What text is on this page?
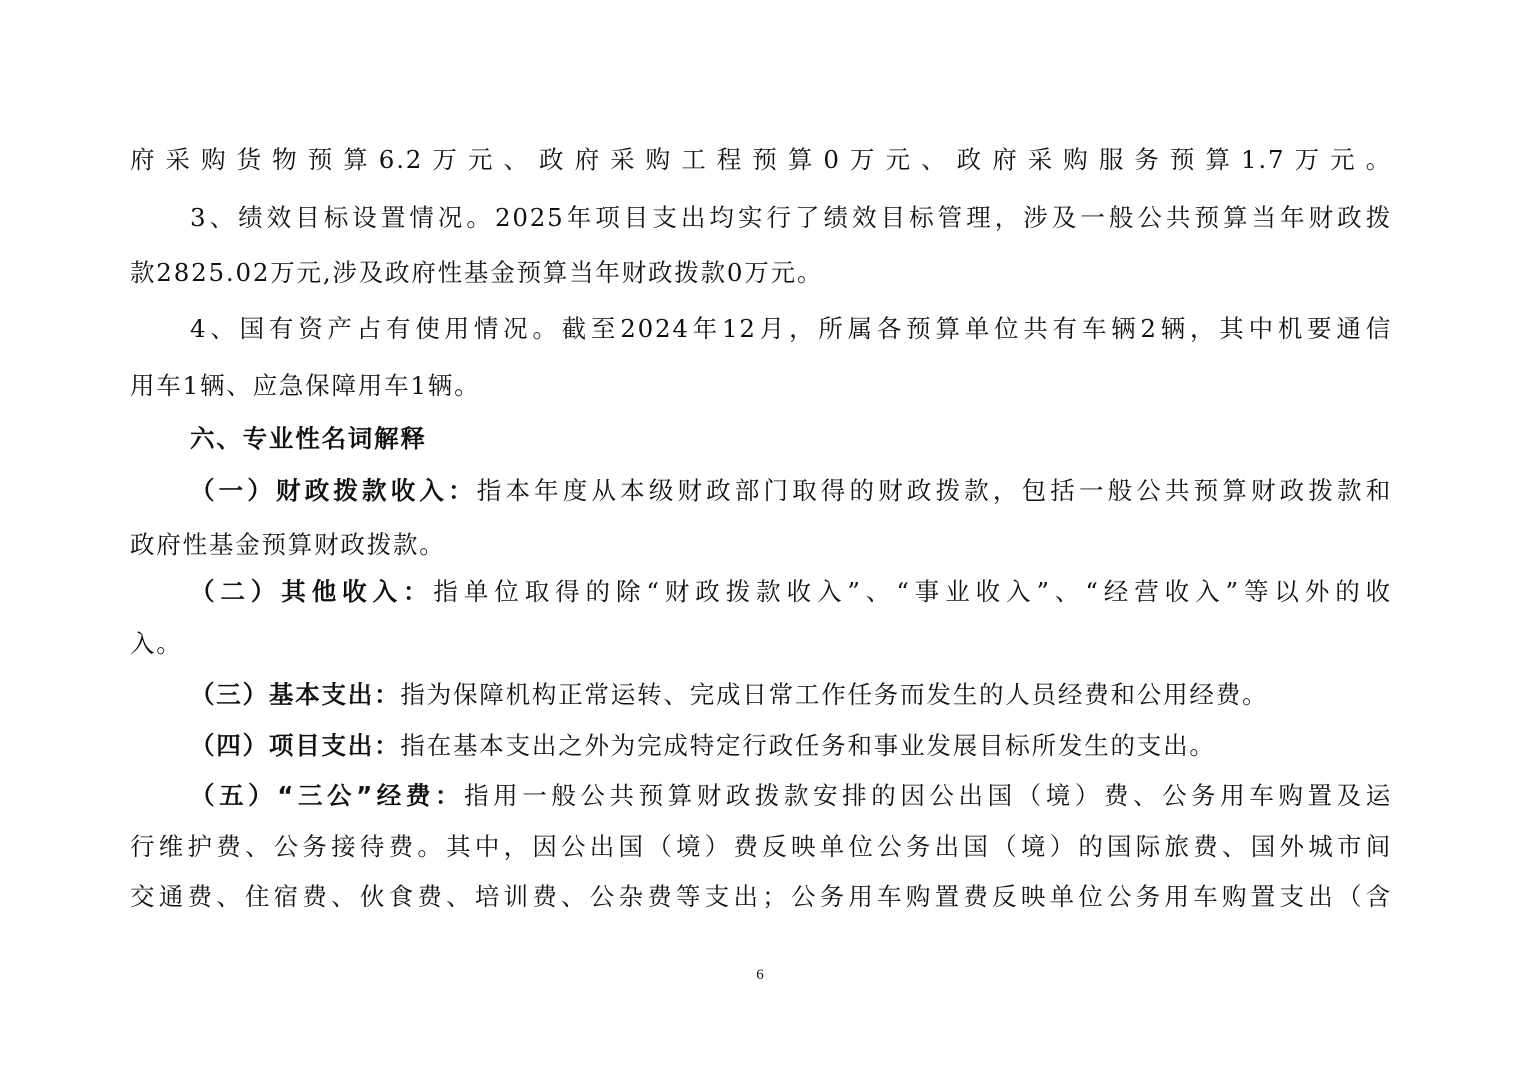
府采购货物预算6.2万元、政府采购工程预算0万元、政府采购服务预算1.7万元。
3、绩效目标设置情况。2025年项目支出均实行了绩效目标管理，涉及一般公共预算当年财政拨
款2825.02万元,涉及政府性基金预算当年财政拨款0万元。
4、国有资产占有使用情况。截至2024年12月，所属各预算单位共有车辆2辆，其中机要通信
用车1辆、应急保障用车1辆。
六、专业性名词解释
（一）财政拨款收入：指本年度从本级财政部门取得的财政拨款，包括一般公共预算财政拨款和
政府性基金预算财政拨款。
（二）其他收入：指单位取得的除“财政拨款收入”、“事业收入”、“经营收入”等以外的收
入。
（三）基本支出：指为保障机构正常运转、完成日常工作任务而发生的人员经费和公用经费。
（四）项目支出：指在基本支出之外为完成特定行政任务和事业发展目标所发生的支出。
（五）“三公”经费：指用一般公共预算财政拨款安排的因公出国（境）费、公务用车购置及运
行维护费、公务接待费。其中，因公出国（境）费反映单位公务出国（境）的国际旅费、国外城市间
交通费、住宿费、伙食费、培训费、公杂费等支出；公务用车购置费反映单位公务用车购置支出（含
6
